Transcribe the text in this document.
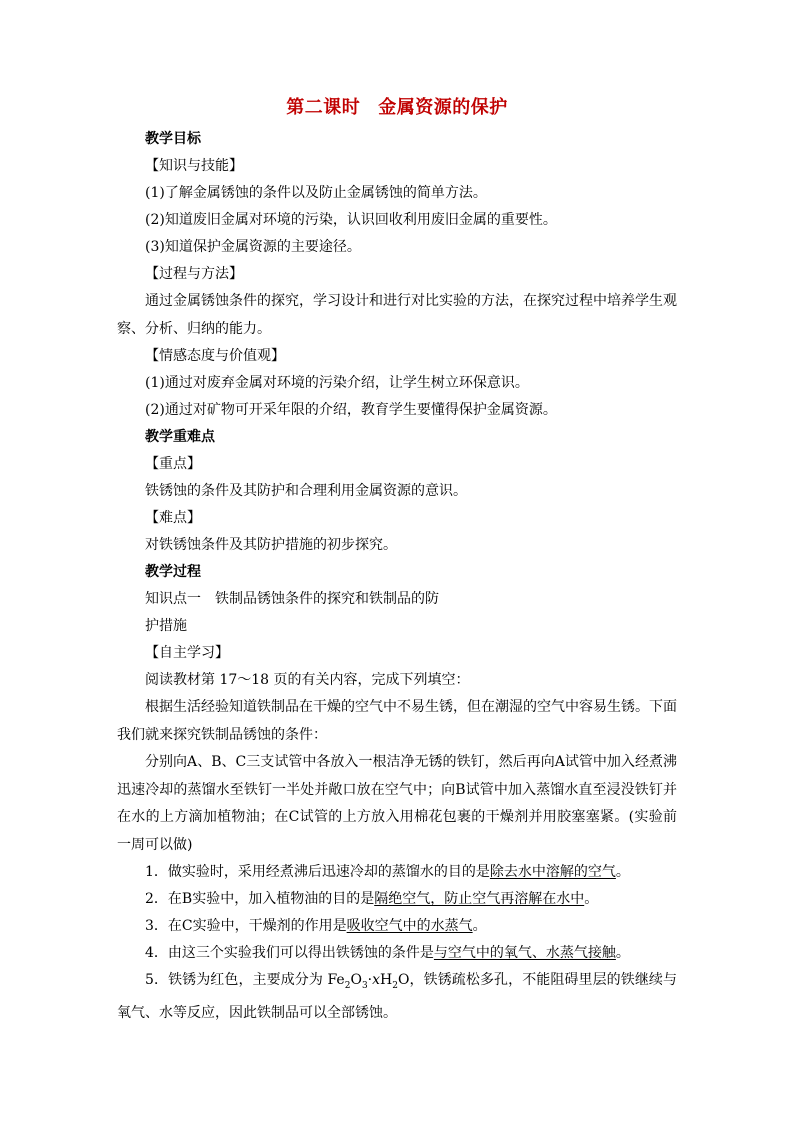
第二课时 金属资源的保护
教学目标
【知识与技能】
(1)了解金属锈蚀的条件以及防止金属锈蚀的简单方法。
(2)知道废旧金属对环境的污染，认识回收利用废旧金属的重要性。
(3)知道保护金属资源的主要途径。
【过程与方法】
通过金属锈蚀条件的探究，学习设计和进行对比实验的方法，在探究过程中培养学生观察、分析、归纳的能力。
【情感态度与价值观】
(1)通过对废弃金属对环境的污染介绍，让学生树立环保意识。
(2)通过对矿物可开采年限的介绍，教育学生要懂得保护金属资源。
教学重难点
【重点】
铁锈蚀的条件及其防护和合理利用金属资源的意识。
【难点】
对铁锈蚀条件及其防护措施的初步探究。
教学过程
知识点一 铁制品锈蚀条件的探究和铁制品的防
护措施
【自主学习】
阅读教材第 17～18 页的有关内容，完成下列填空：
根据生活经验知道铁制品在干燥的空气中不易生锈，但在潮湿的空气中容易生锈。下面我们就来探究铁制品锈蚀的条件：
分别向A、B、C三支试管中各放入一根洁净无锈的铁钉，然后再向A试管中加入经煮沸迅速冷却的蒸馏水至铁钉一半处并敞口放在空气中；向B试管中加入蒸馏水直至浸没铁钉并在水的上方滴加植物油；在C试管的上方放入用棉花包裹的干燥剂并用胶塞塞紧。(实验前一周可以做)
1．做实验时，采用经煮沸后迅速冷却的蒸馏水的目的是除去水中溶解的空气。
2．在B实验中，加入植物油的目的是隔绝空气，防止空气再溶解在水中。
3．在C实验中，干燥剂的作用是吸收空气中的水蒸气。
4．由这三个实验我们可以得出铁锈蚀的条件是与空气中的氧气、水蒸气接触。
5．铁锈为红色，主要成分为 $Fe_2O_3\cdot xH_2O$，铁锈疏松多孔，不能阻碍里层的铁继续与氧气、水等反应，因此铁制品可以全部锈蚀。
